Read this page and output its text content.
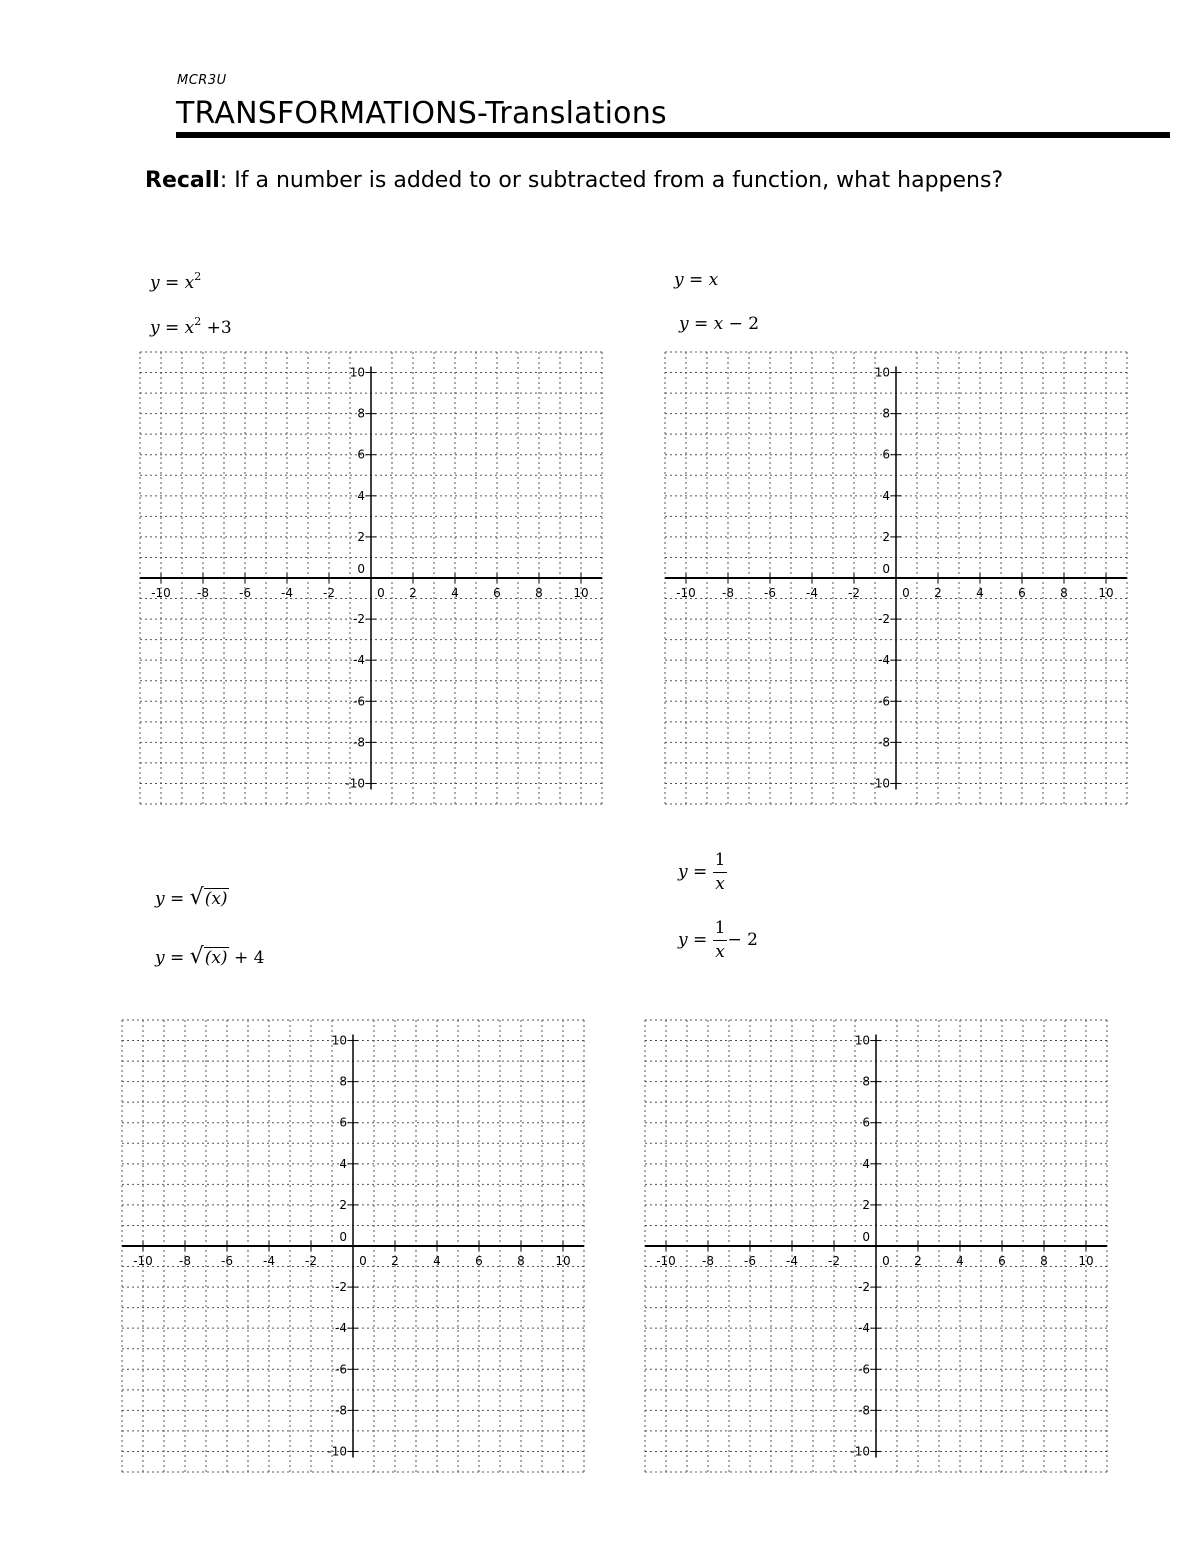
MCR3U
TRANSFORMATIONS-Translations
Recall: If a number is added to or subtracted from a function, what happens?
$y = x^2$
$y = x^2 +3$
y = x
y = x − 2
y = √(x)
y = √(x) + 4
$y = \frac{1}{x}$
$y = \frac{1}{x} - 2$
-10 -8	-6	-4	-2	0 2	4	6	8	10
10
8
6
4
2
0
-2
-4
-6
-8
-10
-10 -8	-6	-4	-2	0 2	4	6	8	10
10
8
6
4
2
0
-2
-4
-6
-8
-10
-10 -8	-6	-4	-2	0 2	4	6	8	10
10
8
6
4
2
0
-2
-4
-6
-8
-10
-10 -8	-6	-4	-2	0 2	4	6	8	10
10
8
6
4
2
0
-2
-4
-6
-8
-10
